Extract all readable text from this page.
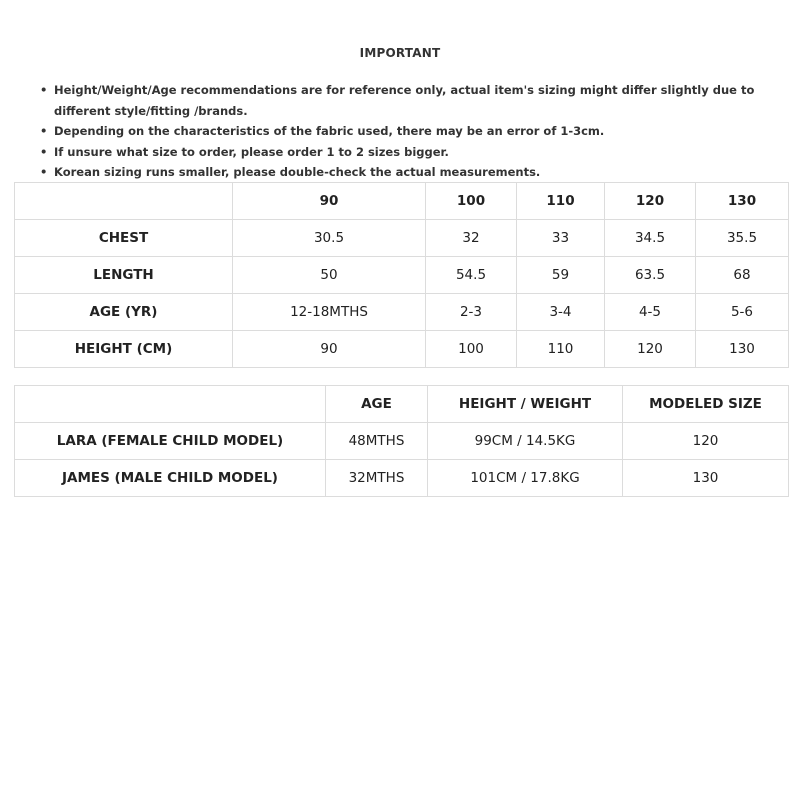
IMPORTANT
• Height/Weight/Age recommendations are for reference only, actual item's sizing might differ slightly due to different style/fitting /brands.
• Depending on the characteristics of the fabric used, there may be an error of 1-3cm.
• If unsure what size to order, please order 1 to 2 sizes bigger.
• Korean sizing runs smaller, please double-check the actual measurements.
	90	100	110	120	130
CHEST	30.5	32	33	34.5	35.5
LENGTH	50	54.5	59	63.5	68
AGE (YR)	12-18MTHS	2-3	3-4	4-5	5-6
HEIGHT (CM)	90	100	110	120	130
	AGE	HEIGHT / WEIGHT	MODELED SIZE
LARA (FEMALE CHILD MODEL)	48MTHS	99CM / 14.5KG	120
JAMES (MALE CHILD MODEL)	32MTHS	101CM / 17.8KG	130
